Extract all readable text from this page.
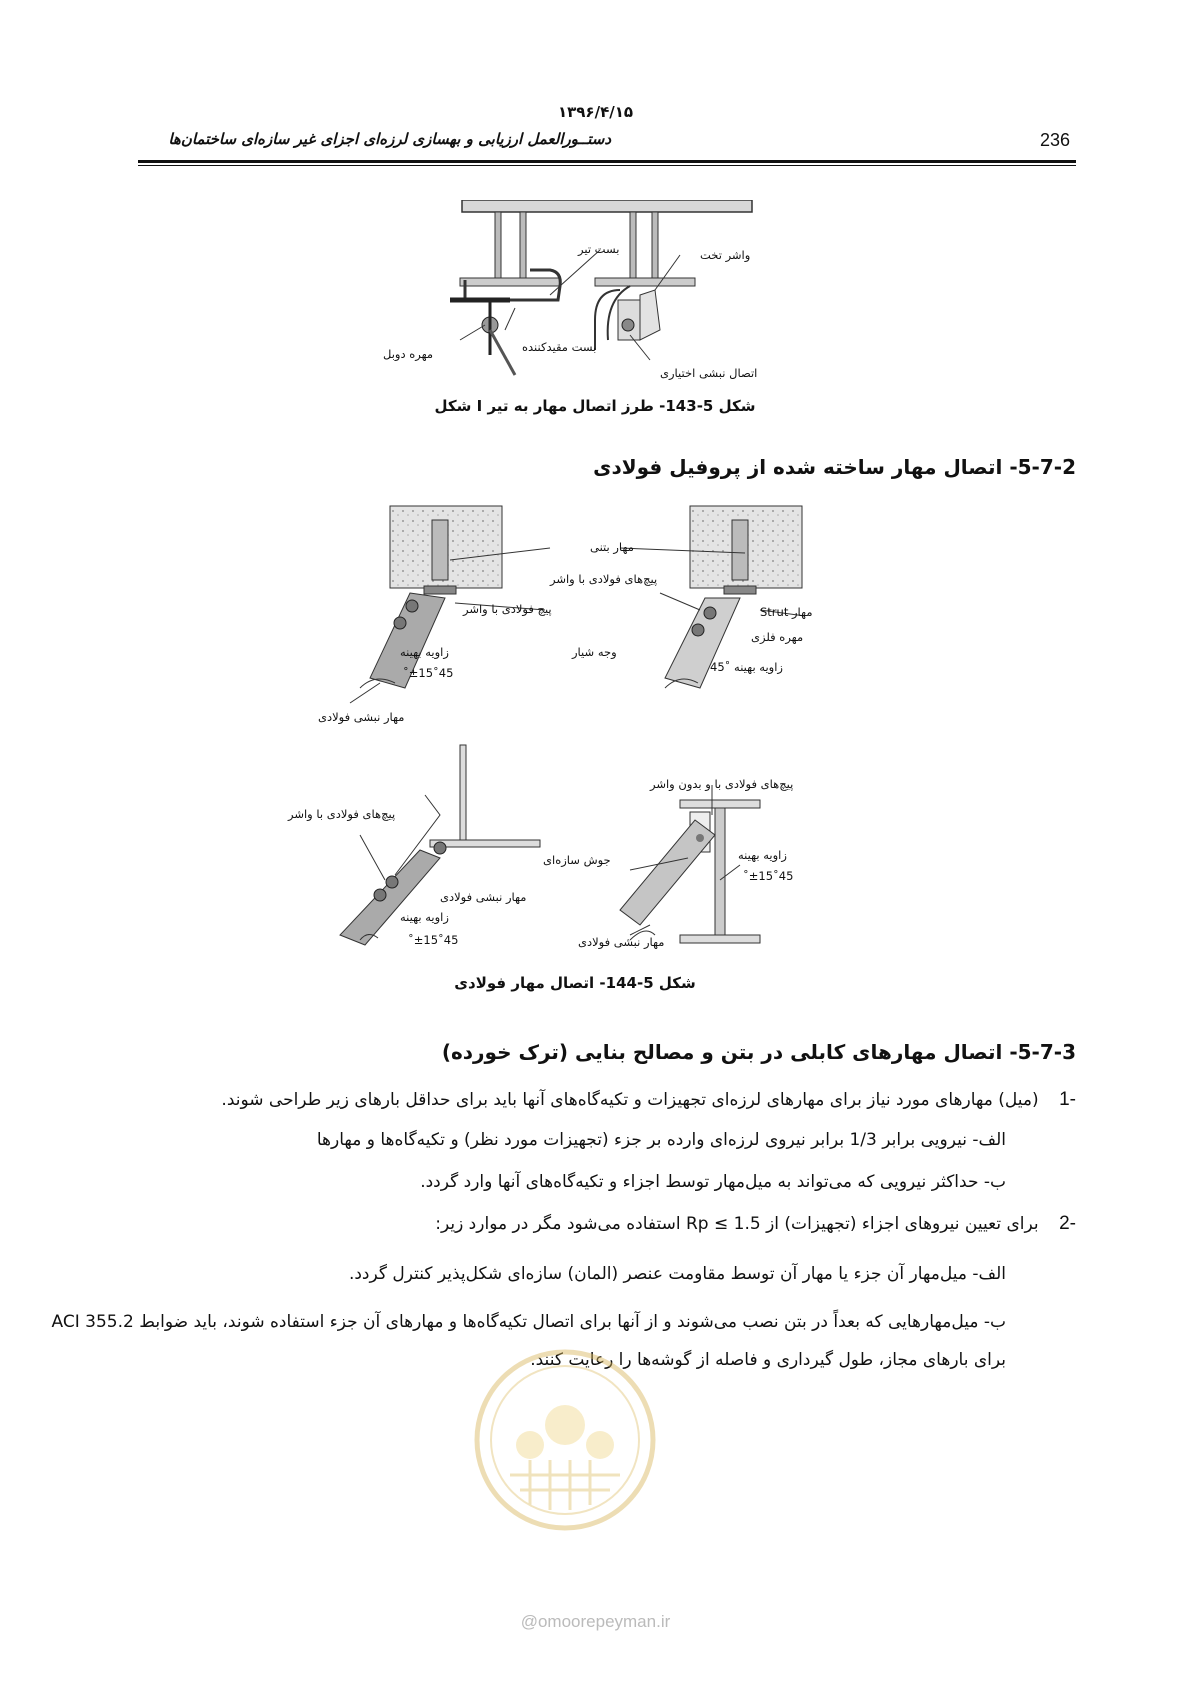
۱۳۹۶/۴/۱۵
دستــورالعمل ارزیابی و بهسازی لرزه‌ای اجزای غیر سازه‌ای ساختمان‌ها	236
واشر تخت
بست تیر
بست مقیدکننده
مهره دوبل
اتصال نبشی اختیاری
شکل 5-143- طرز اتصال مهار به تیر I شکل
5-7-2- اتصال مهار ساخته شده از پروفیل فولادی
مهار بتنی
پیچ‌های فولادی با واشر
پیچ فولادی با واشر	مهار Strut
مهره فلزی
زاویه بهینه
45˚±15˚
وجه شیار
زاویه بهینه ˚45
مهار نبشی فولادی
پیچ‌های فولادی با و بدون واشر
پیچ‌های فولادی با واشر
زاویه بهینه
جوش سازه‌ای
45˚±15˚
مهار نبشی فولادی
زاویه بهینه
45˚±15˚	مهار نبشی فولادی
شکل 5-144- اتصال مهار فولادی
5-7-3- اتصال مهارهای کابلی در بتن و مصالح بنایی (ترک خورده)
-1 (میل) مهارهای مورد نیاز برای مهارهای لرزه‌ای تجهیزات و تکیه‌گاه‌های آنها باید برای حداقل بارهای زیر طراحی شوند.
الف- نیرویی برابر 1/3 برابر نیروی لرزه‌ای وارده بر جزء (تجهیزات مورد نظر) و تکیه‌گاه‌ها و مهارها
ب- حداکثر نیرویی که می‌تواند به میل‌مهار توسط اجزاء و تکیه‌گاه‌های آنها وارد گردد.
-2 برای تعیین نیروهای اجزاء (تجهیزات) از Rp ≤ 1.5 استفاده می‌شود مگر در موارد زیر:
الف- میل‌مهار آن جزء یا مهار آن توسط مقاومت عنصر (المان) سازه‌ای شکل‌پذیر کنترل گردد.
ب- میل‌مهارهایی که بعداً در بتن نصب می‌شوند و از آنها برای اتصال تکیه‌گاه‌ها و مهارهای آن جزء استفاده شوند، باید ضوابط ACI 355.2 برای بارهای مجاز، طول گیرداری و فاصله از گوشه‌ها را رعایت کنند.
@omoorepeyman.ir
